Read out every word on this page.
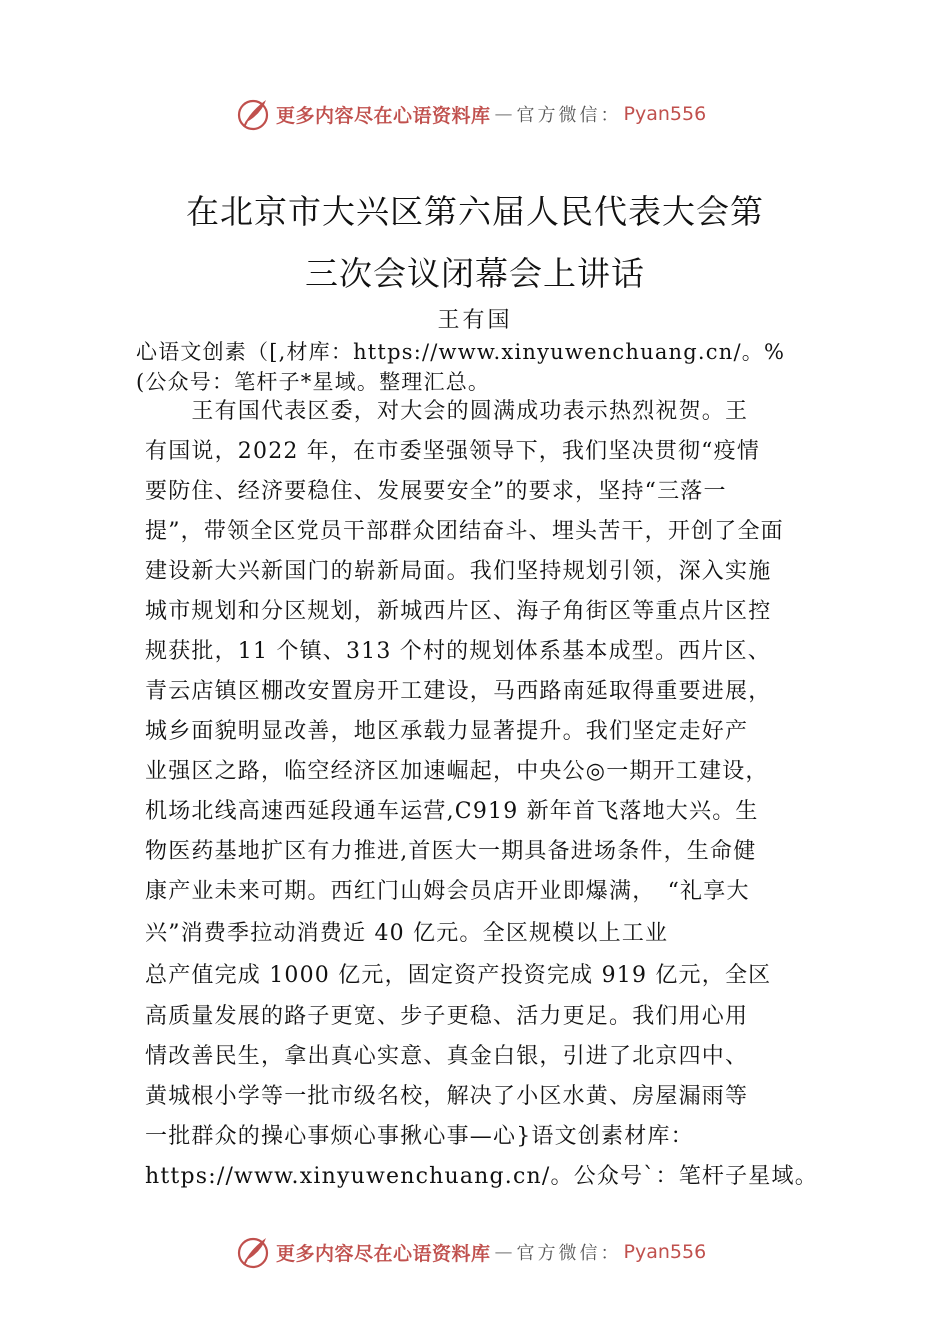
更多内容尽在心语资料库 — 官方微信： Pyan556
在北京市大兴区第六届人民代表大会第
三次会议闭幕会上讲话
王有国
心语文创素（[,材库：https://www.xinyuwenchuang.cn/。%
(公众号：笔杆子*星域。整理汇总。
　　王有国代表区委，对大会的圆满成功表示热烈祝贺。王
有国说，2022 年，在市委坚强领导下，我们坚决贯彻“疫情
要防住、经济要稳住、发展要安全”的要求，坚持“三落一
提”，带领全区党员干部群众团结奋斗、埋头苦干，开创了全面
建设新大兴新国门的崭新局面。我们坚持规划引领，深入实施
城市规划和分区规划，新城西片区、海子角街区等重点片区控
规获批，11 个镇、313 个村的规划体系基本成型。西片区、
青云店镇区棚改安置房开工建设，马西路南延取得重要进展，
城乡面貌明显改善，地区承载力显著提升。我们坚定走好产
业强区之路，临空经济区加速崛起，中央公◎一期开工建设，
机场北线高速西延段通车运营,C919 新年首飞落地大兴。生
物医药基地扩区有力推进,首医大一期具备进场条件，生命健
康产业未来可期。西红门山姆会员店开业即爆满，　“礼享大
兴”消费季拉动消费近 40 亿元。全区规模以上工业
总产值完成 1000 亿元，固定资产投资完成 919 亿元，全区
高质量发展的路子更宽、步子更稳、活力更足。我们用心用
情改善民生，拿出真心实意、真金白银，引进了北京四中、
黄城根小学等一批市级名校，解决了小区水黄、房屋漏雨等
一批群众的操心事烦心事揪心事—心}语文创素材库：
https://www.xinyuwenchuang.cn/。公众号`：笔杆子星域。
更多内容尽在心语资料库 — 官方微信： Pyan556
